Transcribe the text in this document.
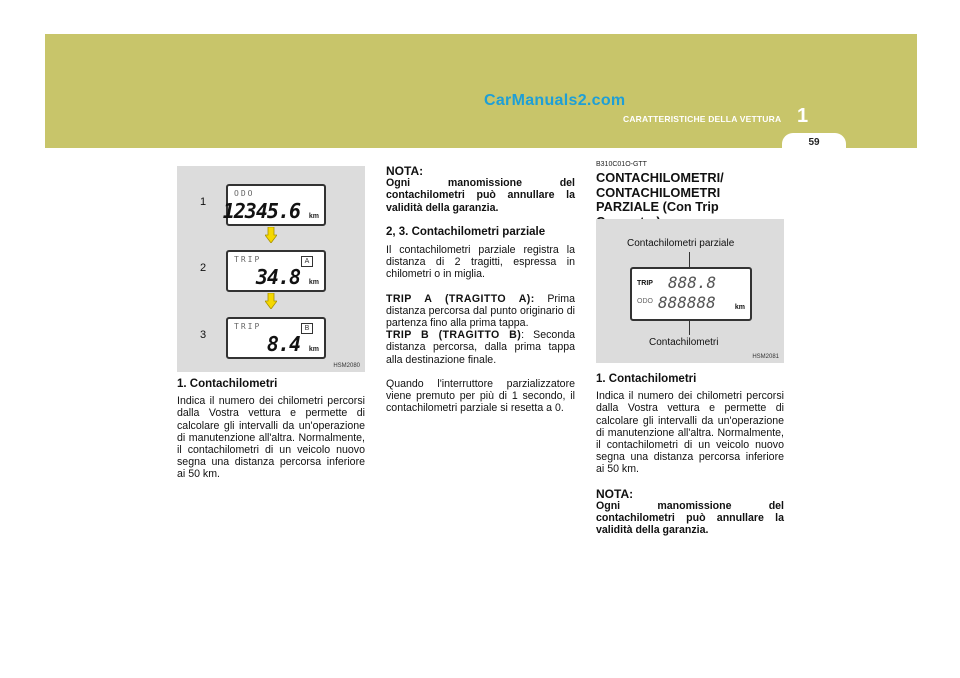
CarManuals2.com
CARATTERISTICHE DELLA VETTURA 1
59
1
ODO
12345.6 km
2
TRIP	A
34.8 km
3
TRIP	B
8.4 km
HSM2080

1. Contachilometri

Indica il numero dei chilometri percorsi dalla Vostra vettura e permette di calcolare gli intervalli da un'operazione di manutenzione all'altra. Normalmente, il contachilometri di un veicolo nuovo segna una distanza percorsa inferiore ai 50 km.

NOTA:

Ogni manomissione del contachilometri può annullare la validità della garanzia.

2, 3. Contachilometri parziale

Il contachilometri parziale registra la distanza di 2 tragitti, espressa in chilometri o in miglia.

TRIP A (TRAGITTO A): Prima distanza percorsa dal punto originario di partenza fino alla prima tappa.

TRIP B (TRAGITTO B): Seconda distanza percorsa, dalla prima tappa alla destinazione finale.

Quando l'interruttore parzializzatore viene premuto per più di 1 secondo, il contachilometri parziale si resetta a 0.

B310C01O-GTT

CONTACHILOMETRI/ CONTACHILOMETRI PARZIALE (Con Trip

Contachilometri parziale
TRIP
ODO
888.8
888888	km
Contachilometri
HSM2081

1. Contachilometri

Indica il numero dei chilometri percorsi dalla Vostra vettura e permette di calcolare gli intervalli da un'operazione di manutenzione all'altra. Normalmente, il contachilometri di un veicolo nuovo segna una distanza percorsa inferiore ai 50 km.

NOTA:

Ogni manomissione del contachilometri può annullare la validità della garanzia.
